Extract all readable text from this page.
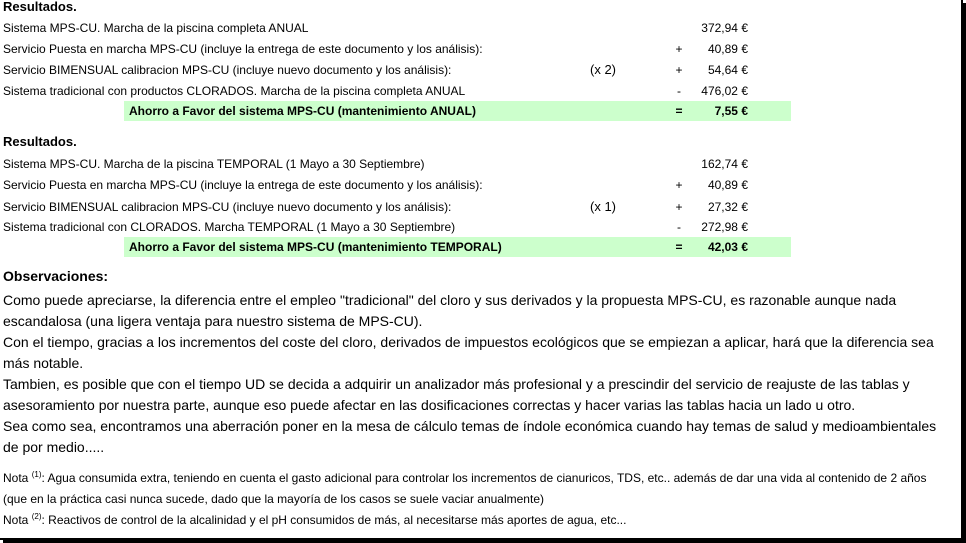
Resultados.
Sistema MPS-CU. Marcha de la piscina completa ANUAL	372,94 €
Servicio Puesta en marcha MPS-CU (incluye la entrega de este documento y los análisis):	+ 40,89 €
Servicio BIMENSUAL calibracion MPS-CU (incluye nuevo documento y los análisis):	(x 2)	+ 54,64 €
Sistema tradicional con productos CLORADOS. Marcha de la piscina completa ANUAL	-	476,02 €
Ahorro a Favor del sistema MPS-CU (mantenimiento ANUAL)	=	7,55 €
Resultados.
Sistema MPS-CU. Marcha de la piscina TEMPORAL (1 Mayo a 30 Septiembre)	162,74 €
Servicio Puesta en marcha MPS-CU (incluye la entrega de este documento y los análisis):	+ 40,89 €
Servicio BIMENSUAL calibracion MPS-CU (incluye nuevo documento y los análisis):	(x 1)	+ 27,32 €
Sistema tradicional con CLORADOS. Marcha TEMPORAL (1 Mayo a 30 Septiembre)	-	272,98 €
Ahorro a Favor del sistema MPS-CU (mantenimiento TEMPORAL)	= 42,03 €
Observaciones:

Como puede apreciarse, la diferencia entre el empleo "tradicional" del cloro y sus derivados y la propuesta MPS-CU, es razonable aunque nada escandalosa (una ligera ventaja para nuestro sistema de MPS-CU).

Con el tiempo, gracias a los incrementos del coste del cloro, derivados de impuestos ecológicos que se empiezan a aplicar, hará que la diferencia sea más notable.

Tambien, es posible que con el tiempo UD se decida a adquirir un analizador más profesional y a prescindir del servicio de reajuste de las tablas y asesoramiento por nuestra parte, aunque eso puede afectar en las dosificaciones correctas y hacer varias las tablas hacia un lado u otro.

Sea como sea, encontramos una aberración poner en la mesa de cálculo temas de índole económica cuando hay temas de salud y medioambientales de por medio.....

Nota $^{(1)}$: Agua consumida extra, teniendo en cuenta el gasto adicional para controlar los incrementos de cianuricos, TDS, etc.. además de dar una vida al contenido de 2 años (que en la práctica casi nunca sucede, dado que la mayoría de los casos se suele vaciar anualmente)

Nota $^{(2)}$: Reactivos de control de la alcalinidad y el pH consumidos de más, al necesitarse más aportes de agua, etc...
